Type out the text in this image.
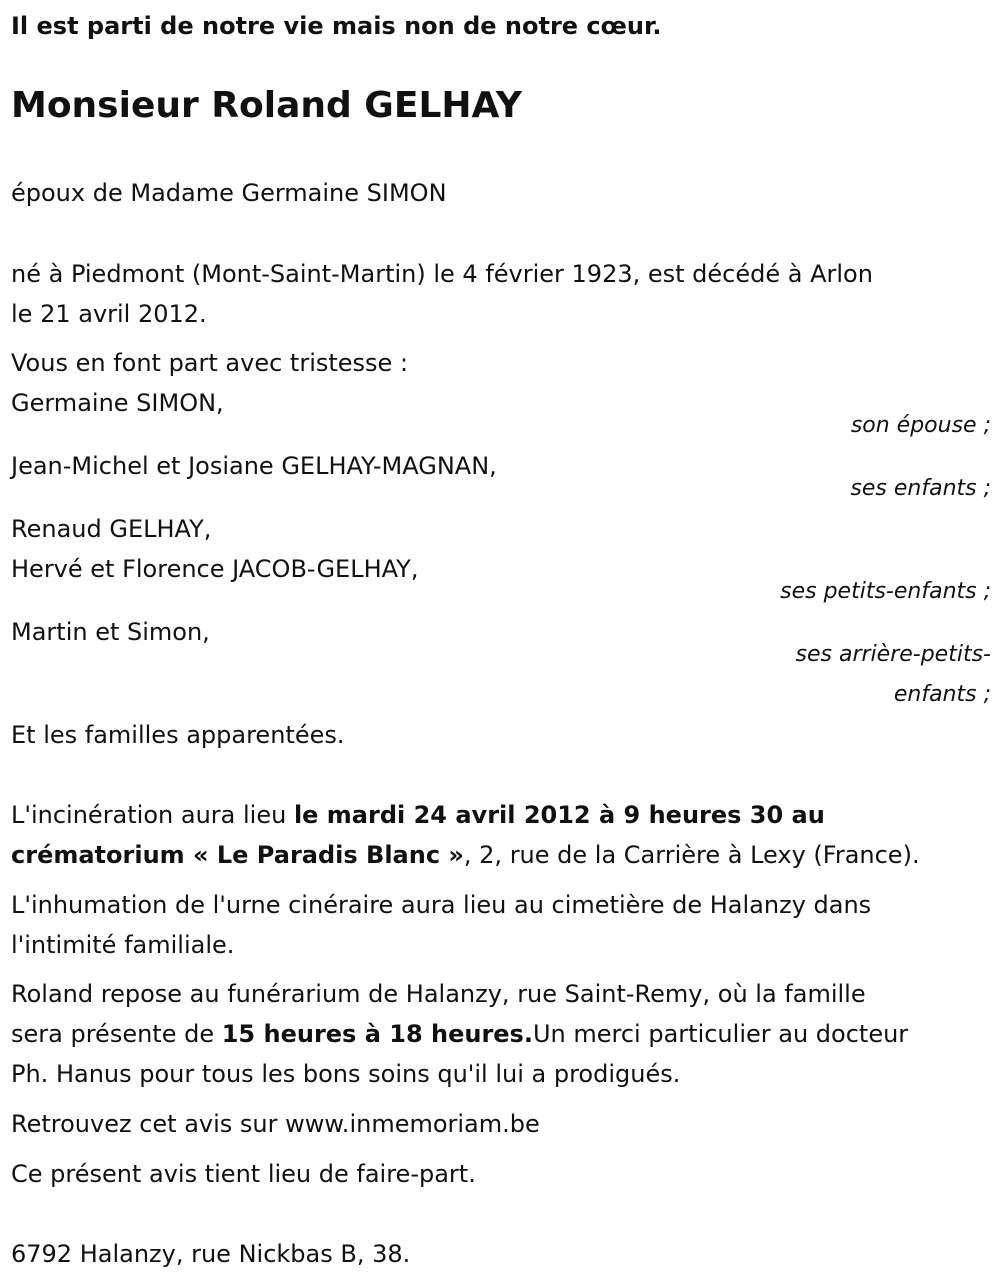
Il est parti de notre vie mais non de notre cœur.
Monsieur Roland GELHAY
époux de Madame Germaine SIMON
né à Piedmont (Mont-Saint-Martin) le 4 février 1923, est décédé à Arlon
le 21 avril 2012.
Vous en font part avec tristesse :
Germaine SIMON,
son épouse ;
Jean-Michel et Josiane GELHAY-MAGNAN,
ses enfants ;
Renaud GELHAY,
Hervé et Florence JACOB-GELHAY,
ses petits-enfants ;
Martin et Simon,
ses arrière-petits-
enfants ;
Et les familles apparentées.
L'incinération aura lieu le mardi 24 avril 2012 à 9 heures 30 au
crématorium « Le Paradis Blanc », 2, rue de la Carrière à Lexy (France).
L'inhumation de l'urne cinéraire aura lieu au cimetière de Halanzy dans
l'intimité familiale.
Roland repose au funérarium de Halanzy, rue Saint-Remy, où la famille
sera présente de 15 heures à 18 heures.Un merci particulier au docteur
Ph. Hanus pour tous les bons soins qu'il lui a prodigués.
Retrouvez cet avis sur www.inmemoriam.be
Ce présent avis tient lieu de faire-part.
6792 Halanzy, rue Nickbas B, 38.
